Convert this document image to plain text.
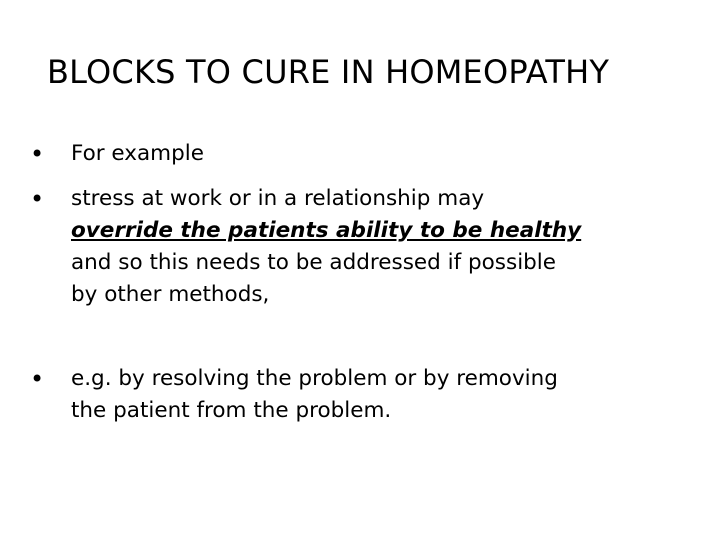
BLOCKS TO CURE IN HOMEOPATHY
•	For example
•	stress at work or in a relationship may
override the patients ability to be healthy
and so this needs to be addressed if possible
by other methods,
•	e.g. by resolving the problem or by removing
the patient from the problem.
